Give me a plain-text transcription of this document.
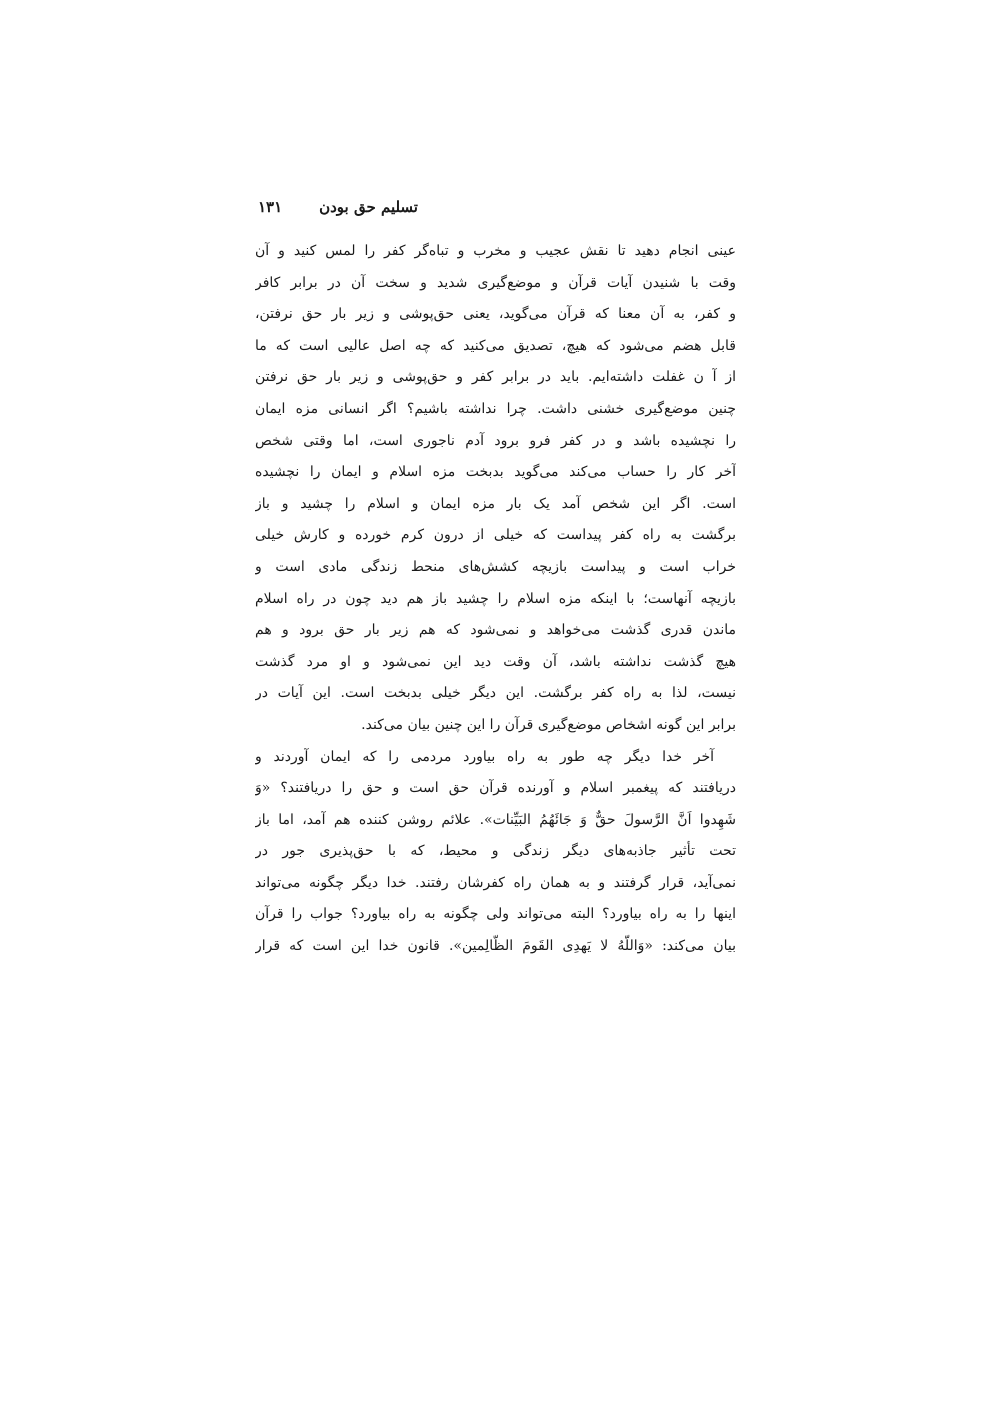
تسلیم حق بودن
۱۳۱
عینی انجام دهید تا نقش عجیب و مخرب و تباه‌گر کفر را لمس کنید و آن
وقت با شنیدن آیات قرآن و موضع‌گیری شدید و سخت آن در برابر کافر
و کفر، به آن معنا که قرآن می‌گوید، یعنی حق‌پوشی و زیر بار حق نرفتن،
قابل هضم می‌شود که هیچ، تصدیق می‌کنید که چه اصل عالیی است که ما
از آ ن غفلت داشته‌ایم. باید در برابر کفر و حق‌پوشی و زیر بار حق نرفتن
چنین موضع‌گیری خشنی داشت. چرا نداشته باشیم؟ اگر انسانی مزه ایمان
را نچشیده باشد و در کفر فرو برود آدم ناجوری است، اما وقتی شخص
آخر کار را حساب می‌کند می‌گوید بدبخت مزه اسلام و ایمان را نچشیده
است. اگر این شخص آمد یک بار مزه ایمان و اسلام را چشید و باز
برگشت به راه کفر پیداست که خیلی از درون کرم خورده و کارش خیلی
خراب است و پیداست بازیچه کشش‌های منحط زندگی مادی است و
بازیچه آنهاست؛ با اینکه مزه اسلام را چشید باز هم دید چون در راه اسلام
ماندن قدری گذشت می‌خواهد و نمی‌شود که هم زیر بار حق برود و هم
هیچ گذشت نداشته باشد، آن وقت دید این نمی‌شود و او مرد گذشت
نیست، لذا به راه کفر برگشت. این دیگر خیلی بدبخت است. این آیات در
برابر این گونه اشخاص موضع‌گیری قرآن را این چنین بیان می‌کند.
آخر خدا دیگر چه طور به راه بیاورد مردمی را که ایمان آوردند و
دریافتند که پیغمبر اسلام و آورنده قرآن حق است و حق را دریافتند؟ «وَ
شَهِدوا اَنَّ الرَّسولَ حقٌّ وَ جَائَهُمُ البَیِّنات». علائم روشن کننده هم آمد، اما باز
تحت تأثیر جاذبه‌های دیگر زندگی و محیط، که با حق‌پذیری جور در
نمی‌آید، قرار گرفتند و به همان راه کفرشان رفتند. خدا دیگر چگونه می‌تواند
اینها را به راه بیاورد؟ البته می‌تواند ولی چگونه به راه بیاورد؟ جواب را قرآن
بیان می‌کند: «وَاللّهُ لا یَهدِی القَومَ الظّالِمین». قانون خدا این است که قرار
